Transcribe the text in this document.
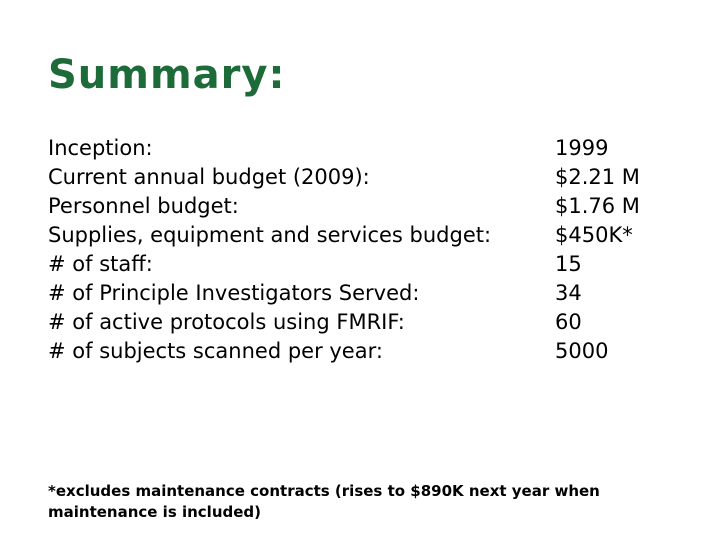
Summary:
Inception:	1999
Current annual budget (2009):	$2.21 M
Personnel budget:	$1.76 M
Supplies, equipment and services budget:	$450K*
# of staff:	15
# of Principle Investigators Served:	34
# of active protocols using FMRIF:	60
# of subjects scanned per year:	5000
*excludes maintenance contracts (rises to $890K next year when maintenance is included)
